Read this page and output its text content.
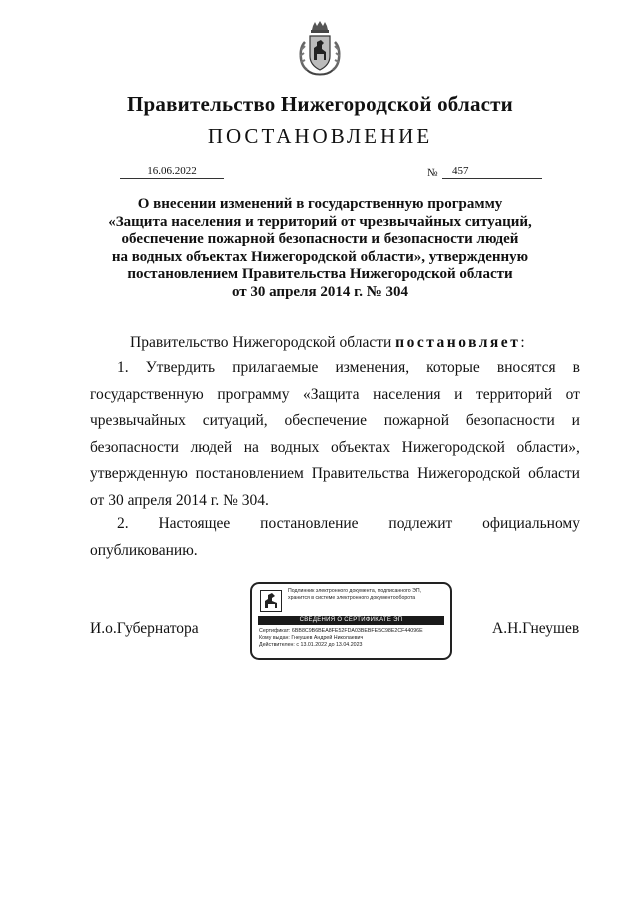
Правительство Нижегородской области
ПОСТАНОВЛЕНИЕ
16.06.2022	№	457
О внесении изменений в государственную программу
«Защита населения и территорий от чрезвычайных ситуаций,
обеспечение пожарной безопасности и безопасности людей
на водных объектах Нижегородской области», утвержденную
постановлением Правительства Нижегородской области
от 30 апреля 2014 г. № 304
Правительство Нижегородской области постановляет:
1. Утвердить прилагаемые изменения, которые вносятся в
государственную программу «Защита населения и территорий от
чрезвычайных ситуаций, обеспечение пожарной безопасности и
безопасности людей на водных объектах Нижегородской области»,
утвержденную постановлением Правительства Нижегородской области
от 30 апреля 2014 г. № 304.
2. Настоящее постановление подлежит официальному
опубликованию.
И.о.Губернатора	А.Н.Гнеушев
Подлинник электронного документа, подписанного ЭП,
хранится в системе электронного документооборота
СВЕДЕНИЯ О СЕРТИФИКАТЕ ЭП
Сертификат: 6BB8C9B6BEA8FE52FDA03BEBFE5C98E2CF44096E
Кому выдан: Гнеушев Андрей Николаевич
Действителен: с 13.01.2022 до 13.04.2023
